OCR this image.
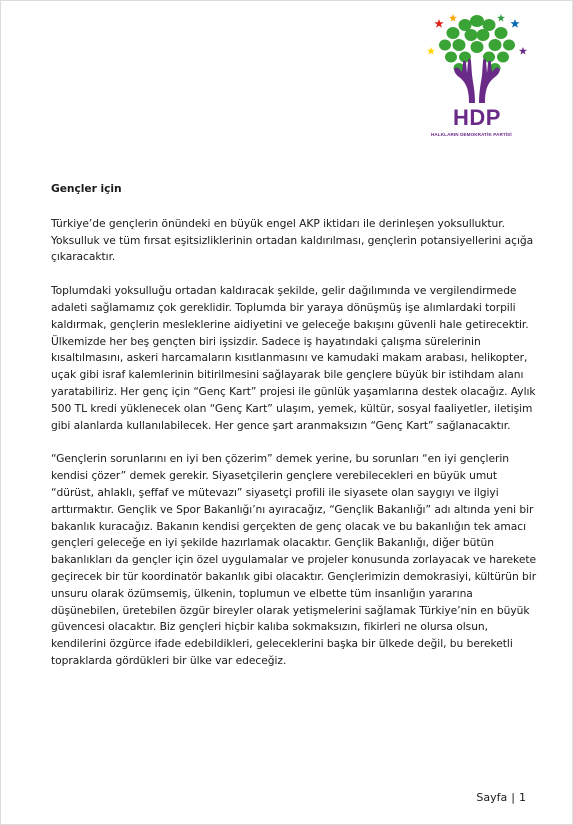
HDP
HALKLARIN DEMOKRATİK PARTİSİ
Gençler için

Türkiye’de gençlerin önündeki en büyük engel AKP iktidarı ile derinleşen yoksulluktur. Yoksulluk ve tüm fırsat eşitsizliklerinin ortadan kaldırılması, gençlerin potansiyellerini açığa çıkaracaktır.

Toplumdaki yoksulluğu ortadan kaldıracak şekilde, gelir dağılımında ve vergilendirmede adaleti sağlamamız çok gereklidir. Toplumda bir yaraya dönüşmüş işe alımlardaki torpili kaldırmak, gençlerin mesleklerine aidiyetini ve geleceğe bakışını güvenli hale getirecektir. Ülkemizde her beş gençten biri işsizdir. Sadece iş hayatındaki çalışma sürelerinin kısaltılmasını, askeri harcamaların kısıtlanmasını ve kamudaki makam arabası, helikopter, uçak gibi israf kalemlerinin bitirilmesini sağlayarak bile gençlere büyük bir istihdam alanı yaratabiliriz. Her genç için “Genç Kart” projesi ile günlük yaşamlarına destek olacağız. Aylık 500 TL kredi yüklenecek olan “Genç Kart” ulaşım, yemek, kültür, sosyal faaliyetler, iletişim gibi alanlarda kullanılabilecek. Her gence şart aranmaksızın “Genç Kart” sağlanacaktır.

“Gençlerin sorunlarını en iyi ben çözerim” demek yerine, bu sorunları “en iyi gençlerin kendisi çözer” demek gerekir. Siyasetçilerin gençlere verebilecekleri en büyük umut “dürüst, ahlaklı, şeffaf ve mütevazı” siyasetçi profili ile siyasete olan saygıyı ve ilgiyi arttırmaktır. Gençlik ve Spor Bakanlığı’nı ayıracağız, “Gençlik Bakanlığı” adı altında yeni bir bakanlık kuracağız. Bakanın kendisi gerçekten de genç olacak ve bu bakanlığın tek amacı gençleri geleceğe en iyi şekilde hazırlamak olacaktır. Gençlik Bakanlığı, diğer bütün bakanlıkları da gençler için özel uygulamalar ve projeler konusunda zorlayacak ve harekete geçirecek bir tür koordinatör bakanlık gibi olacaktır. Gençlerimizin demokrasiyi, kültürün bir unsuru olarak özümsemiş, ülkenin, toplumun ve elbette tüm insanlığın yararına düşünebilen, üretebilen özgür bireyler olarak yetişmelerini sağlamak Türkiye’nin en büyük güvencesi olacaktır. Biz gençleri hiçbir kalıba sokmaksızın, fikirleri ne olursa olsun, kendilerini özgürce ifade edebildikleri, geleceklerini başka bir ülkede değil, bu bereketli topraklarda gördükleri bir ülke var edeceğiz.

Sayfa | 1
